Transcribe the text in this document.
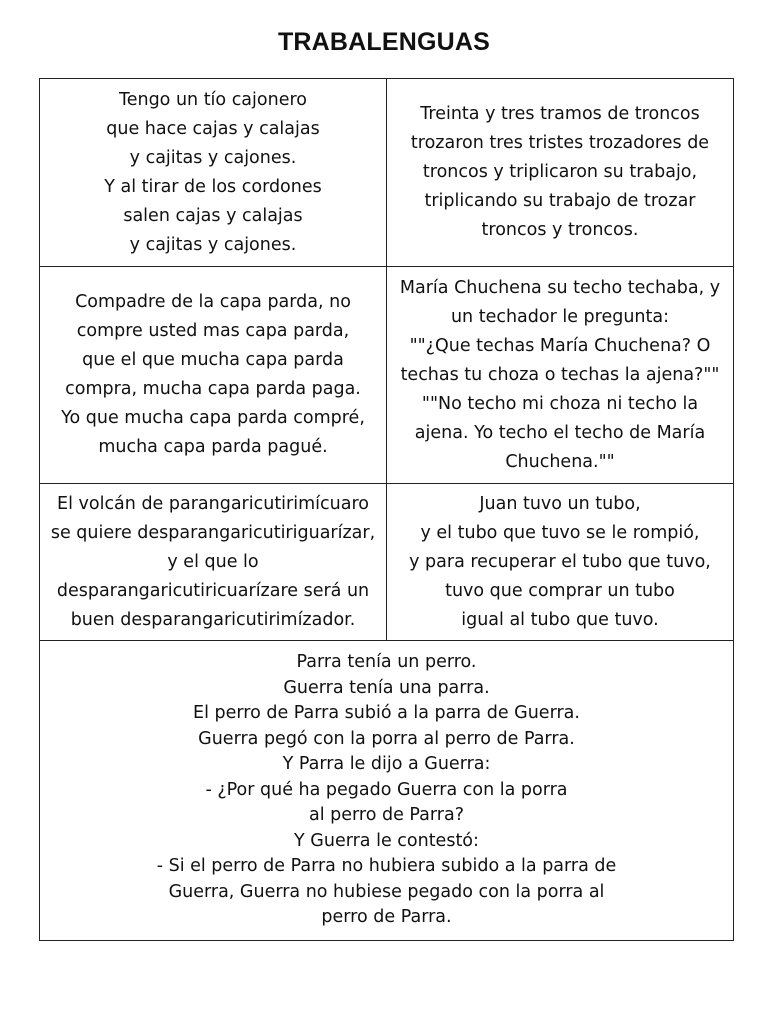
TRABALENGUAS
Tengo un tío cajonero
que hace cajas y calajas
y cajitas y cajones.
Y al tirar de los cordones
salen cajas y calajas
y cajitas y cajones.
Treinta y tres tramos de troncos
trozaron tres tristes trozadores de
troncos y triplicaron su trabajo,
triplicando su trabajo de trozar
troncos y troncos.
Compadre de la capa parda, no
compre usted mas capa parda,
que el que mucha capa parda
compra, mucha capa parda paga.
Yo que mucha capa parda compré,
mucha capa parda pagué.
María Chuchena su techo techaba, y
un techador le pregunta:
""¿Que techas María Chuchena? O
techas tu choza o techas la ajena?""
""No techo mi choza ni techo la
ajena. Yo techo el techo de María
Chuchena.""
El volcán de parangaricutirimícuaro
se quiere desparangaricutiriguarízar,
y el que lo
desparangaricutiricuarízare será un
buen desparangaricutirimízador.
Juan tuvo un tubo,
y el tubo que tuvo se le rompió,
y para recuperar el tubo que tuvo,
tuvo que comprar un tubo
igual al tubo que tuvo.
Parra tenía un perro.
Guerra tenía una parra.
El perro de Parra subió a la parra de Guerra.
Guerra pegó con la porra al perro de Parra.
Y Parra le dijo a Guerra:
- ¿Por qué ha pegado Guerra con la porra
al perro de Parra?
Y Guerra le contestó:
- Si el perro de Parra no hubiera subido a la parra de
Guerra, Guerra no hubiese pegado con la porra al
perro de Parra.
